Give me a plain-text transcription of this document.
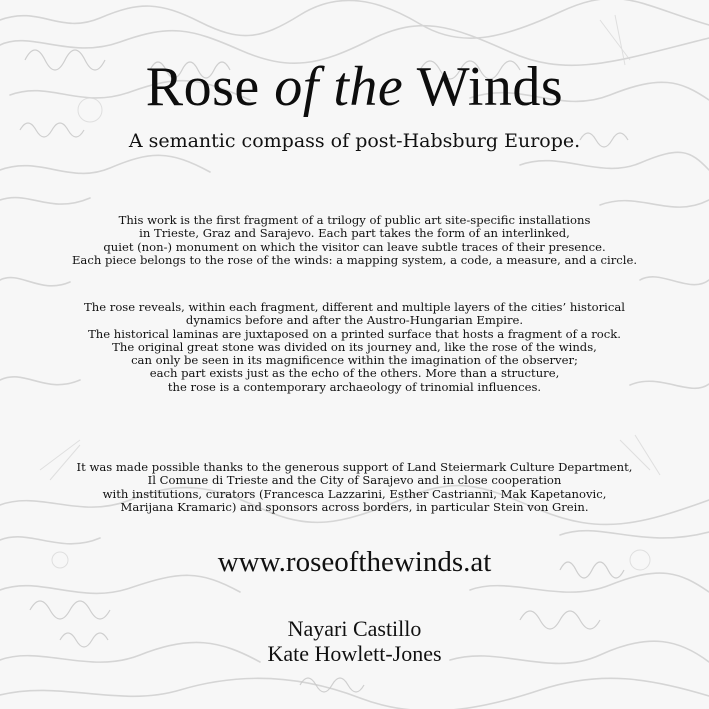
Rose of the Winds
A semantic compass of post-Habsburg Europe.
This work is the first fragment of a trilogy of public art site-specific installations
in Trieste, Graz and Sarajevo. Each part takes the form of an interlinked,
quiet (non-) monument on which the visitor can leave subtle traces of their presence.
Each piece belongs to the rose of the winds: a mapping system, a code, a measure, and a circle.
The rose reveals, within each fragment, different and multiple layers of the cities’ historical
dynamics before and after the Austro-Hungarian Empire.
The historical laminas are juxtaposed on a printed surface that hosts a fragment of a rock.
The original great stone was divided on its journey and, like the rose of the winds,
can only be seen in its magnificence within the imagination of the observer;
each part exists just as the echo of the others. More than a structure,
the rose is a contemporary archaeology of trinomial influences.
It was made possible thanks to the generous support of Land Steiermark Culture Department,
Il Comune di Trieste and the City of Sarajevo and in close cooperation
with institutions, curators (Francesca Lazzarini, Esther Castrianni, Mak Kapetanovic,
Marijana Kramaric) and sponsors across borders, in particular Stein von Grein.
www.roseofthewinds.at
Nayari Castillo
Kate Howlett-Jones
